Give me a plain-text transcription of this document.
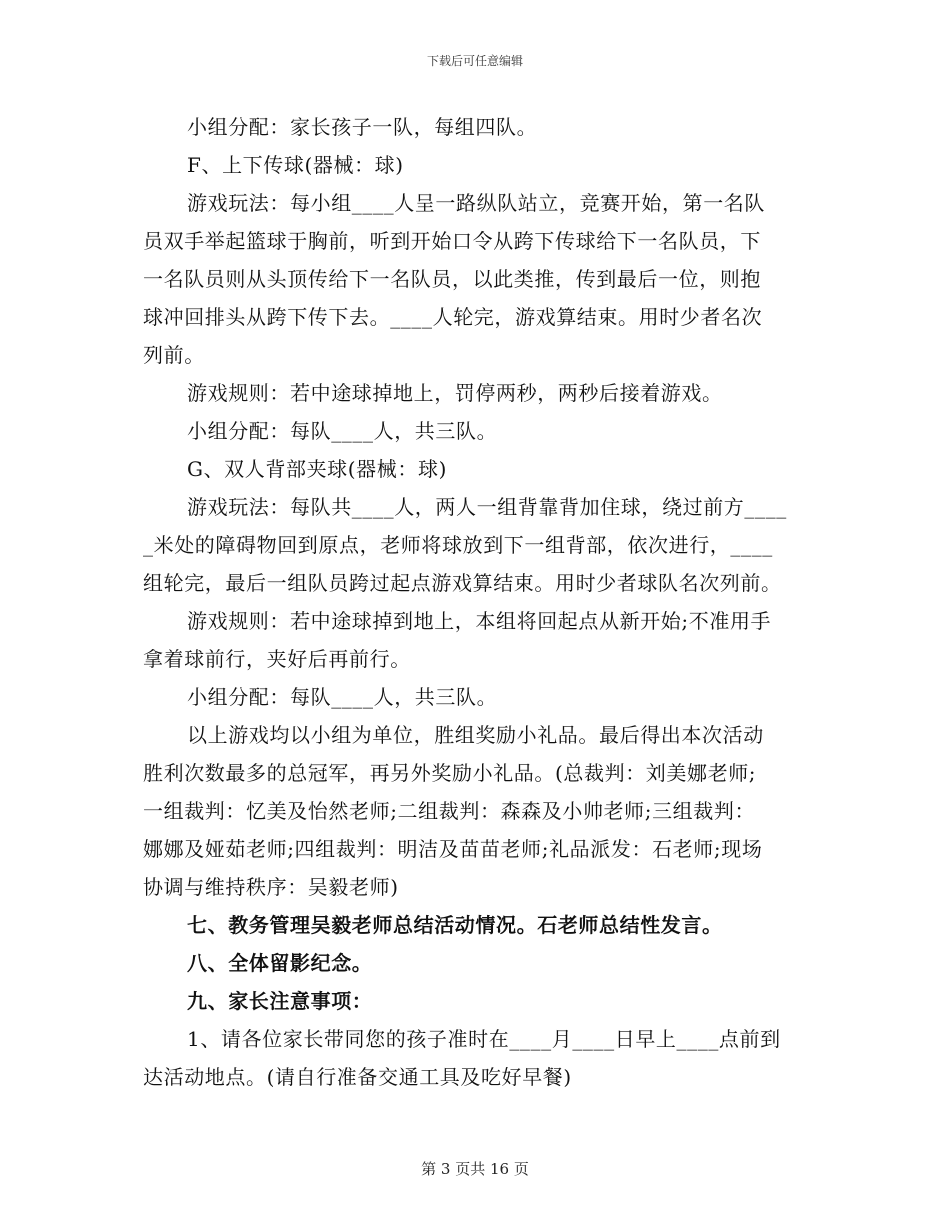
下载后可任意编辑
小组分配：家长孩子一队，每组四队。
F、上下传球(器械：球)
游戏玩法：每小组____人呈一路纵队站立，竞赛开始，第一名队
员双手举起篮球于胸前，听到开始口令从跨下传球给下一名队员，下
一名队员则从头顶传给下一名队员，以此类推，传到最后一位，则抱
球冲回排头从跨下传下去。____人轮完，游戏算结束。用时少者名次
列前。
游戏规则：若中途球掉地上，罚停两秒，两秒后接着游戏。
小组分配：每队____人，共三队。
G、双人背部夹球(器械：球)
游戏玩法：每队共____人，两人一组背靠背加住球，绕过前方____
_米处的障碍物回到原点，老师将球放到下一组背部，依次进行，____
组轮完，最后一组队员跨过起点游戏算结束。用时少者球队名次列前。
游戏规则：若中途球掉到地上，本组将回起点从新开始;不准用手
拿着球前行，夹好后再前行。
小组分配：每队____人，共三队。
以上游戏均以小组为单位，胜组奖励小礼品。最后得出本次活动
胜利次数最多的总冠军，再另外奖励小礼品。(总裁判：刘美娜老师;
一组裁判：忆美及怡然老师;二组裁判：森森及小帅老师;三组裁判：
娜娜及娅茹老师;四组裁判：明洁及苗苗老师;礼品派发：石老师;现场
协调与维持秩序：吴毅老师)
七、教务管理吴毅老师总结活动情况。石老师总结性发言。
八、全体留影纪念。
九、家长注意事项：
1、请各位家长带同您的孩子准时在____月____日早上____点前到
达活动地点。(请自行准备交通工具及吃好早餐)
第 3 页共 16 页
